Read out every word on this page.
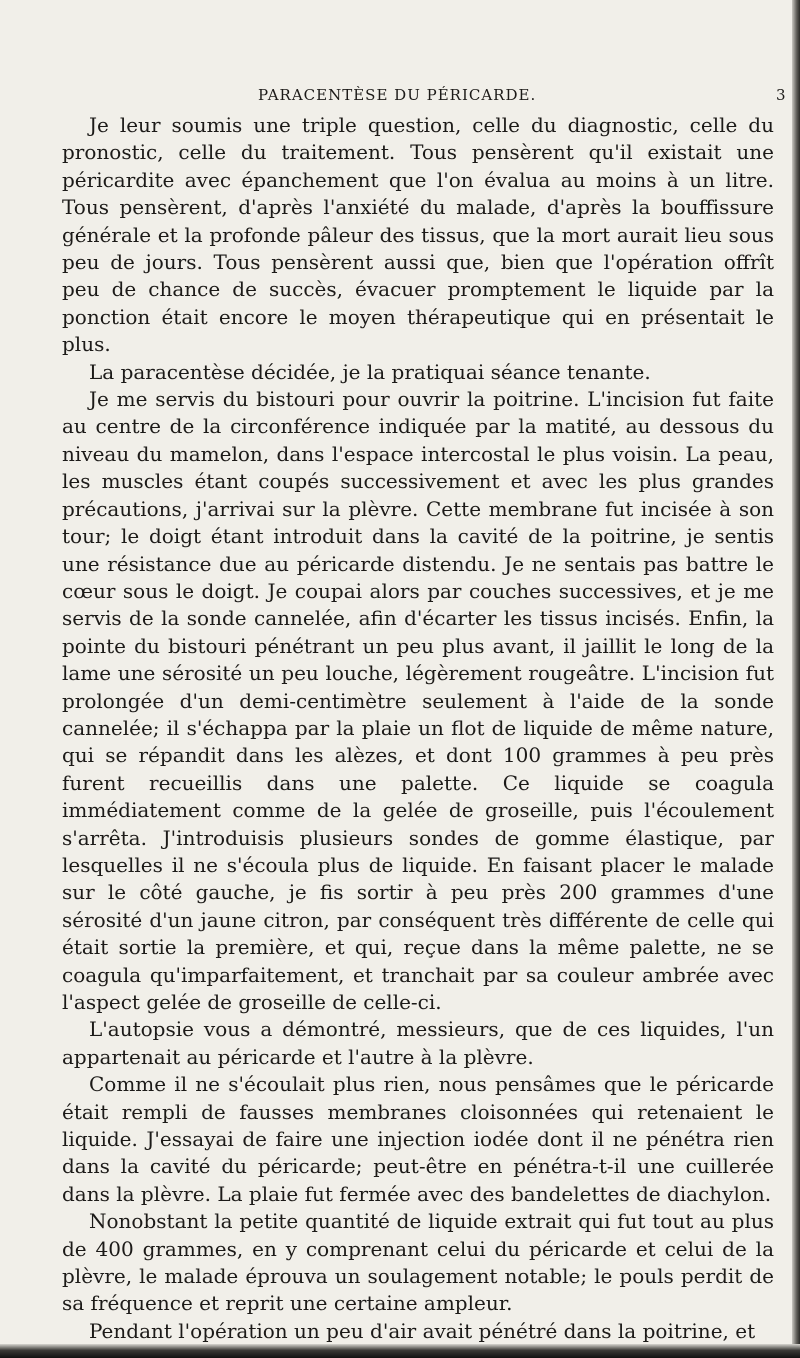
PARACENTÈSE DU PÉRICARDE.	3

Je leur soumis une triple question, celle du diagnostic, celle du pronostic, celle du traitement. Tous pensèrent qu'il existait une péricardite avec épanchement que l'on évalua au moins à un litre. Tous pensèrent, d'après l'anxiété du malade, d'après la bouffissure générale et la profonde pâleur des tissus, que la mort aurait lieu sous peu de jours. Tous pensèrent aussi que, bien que l'opération offrît peu de chance de succès, évacuer promptement le liquide par la ponction était encore le moyen thérapeutique qui en présentait le plus.

La paracentèse décidée, je la pratiquai séance tenante.

Je me servis du bistouri pour ouvrir la poitrine. L'incision fut faite au centre de la circonférence indiquée par la matité, au dessous du niveau du mamelon, dans l'espace intercostal le plus voisin. La peau, les muscles étant coupés successivement et avec les plus grandes précautions, j'arrivai sur la plèvre. Cette membrane fut incisée à son tour; le doigt étant introduit dans la cavité de la poitrine, je sentis une résistance due au péricarde distendu. Je ne sentais pas battre le cœur sous le doigt. Je coupai alors par couches successives, et je me servis de la sonde cannelée, afin d'écarter les tissus incisés. Enfin, la pointe du bistouri pénétrant un peu plus avant, il jaillit le long de la lame une sérosité un peu louche, légèrement rougeâtre. L'incision fut prolongée d'un demi-centimètre seulement à l'aide de la sonde cannelée; il s'échappa par la plaie un flot de liquide de même nature, qui se répandit dans les alèzes, et dont 100 grammes à peu près furent recueillis dans une palette. Ce liquide se coagula immédiatement comme de la gelée de groseille, puis l'écoulement s'arrêta. J'introduisis plusieurs sondes de gomme élastique, par lesquelles il ne s'écoula plus de liquide. En faisant placer le malade sur le côté gauche, je fis sortir à peu près 200 grammes d'une sérosité d'un jaune citron, par conséquent très différente de celle qui était sortie la première, et qui, reçue dans la même palette, ne se coagula qu'imparfaitement, et tranchait par sa couleur ambrée avec l'aspect gelée de groseille de celle-ci.

L'autopsie vous a démontré, messieurs, que de ces liquides, l'un appartenait au péricarde et l'autre à la plèvre.

Comme il ne s'écoulait plus rien, nous pensâmes que le péricarde était rempli de fausses membranes cloisonnées qui retenaient le liquide. J'essayai de faire une injection iodée dont il ne pénétra rien dans la cavité du péricarde; peut-être en pénétra-t-il une cuillerée dans la plèvre. La plaie fut fermée avec des bandelettes de diachylon.

Nonobstant la petite quantité de liquide extrait qui fut tout au plus de 400 grammes, en y comprenant celui du péricarde et celui de la plèvre, le malade éprouva un soulagement notable; le pouls perdit de sa fréquence et reprit une certaine ampleur.

Pendant l'opération un peu d'air avait pénétré dans la poitrine, et
